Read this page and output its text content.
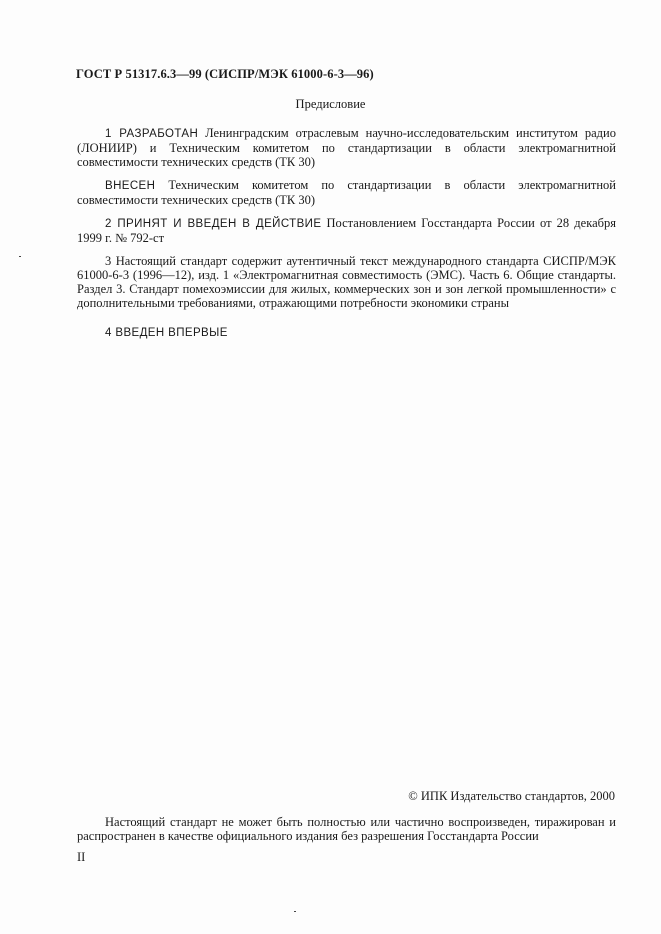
ГОСТ Р 51317.6.3—99 (СИСПР/МЭК 61000-6-3—96)
Предисловие
1 РАЗРАБОТАН Ленинградским отраслевым научно-исследовательским институтом радио (ЛОНИИР) и Техническим комитетом по стандартизации в области электромагнитной совместимости технических средств (ТК 30)
ВНЕСЕН Техническим комитетом по стандартизации в области электромагнитной совместимости технических средств (ТК 30)
2 ПРИНЯТ И ВВЕДЕН В ДЕЙСТВИЕ Постановлением Госстандарта России от 28 декабря 1999 г. № 792-ст
3 Настоящий стандарт содержит аутентичный текст международного стандарта СИСПР/МЭК 61000-6-3 (1996—12), изд. 1 «Электромагнитная совместимость (ЭМС). Часть 6. Общие стандарты. Раздел 3. Стандарт помехоэмиссии для жилых, коммерческих зон и зон легкой промышленности» с дополнительными требованиями, отражающими потребности экономики страны
4 ВВЕДЕН ВПЕРВЫЕ
© ИПК Издательство стандартов, 2000
Настоящий стандарт не может быть полностью или частично воспроизведен, тиражирован и распространен в качестве официального издания без разрешения Госстандарта России
II
